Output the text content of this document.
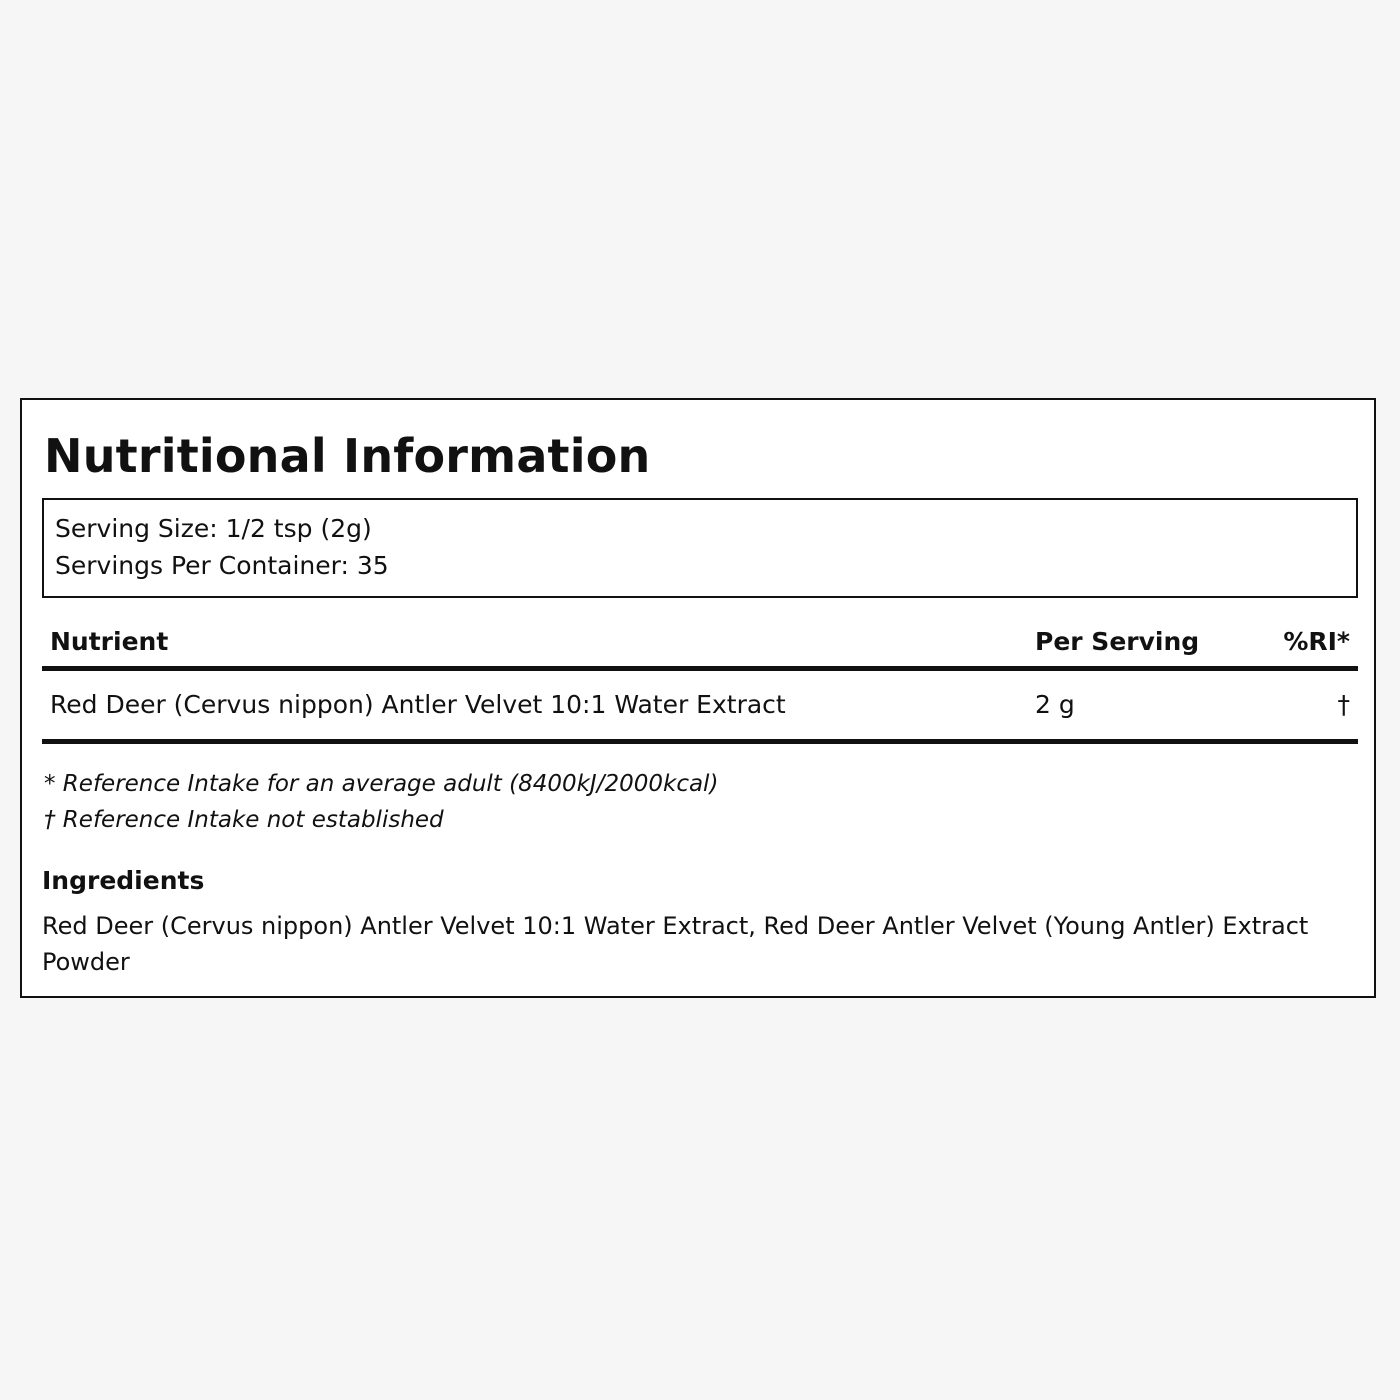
Nutritional Information
Serving Size: 1/2 tsp (2g)
Servings Per Container: 35
Nutrient	Per Serving	%RI*
Red Deer (Cervus nippon) Antler Velvet 10:1 Water Extract	2 g	†
* Reference Intake for an average adult (8400kJ/2000kcal)
† Reference Intake not established
Ingredients

Red Deer (Cervus nippon) Antler Velvet 10:1 Water Extract, Red Deer Antler Velvet (Young Antler) Extract Powder
